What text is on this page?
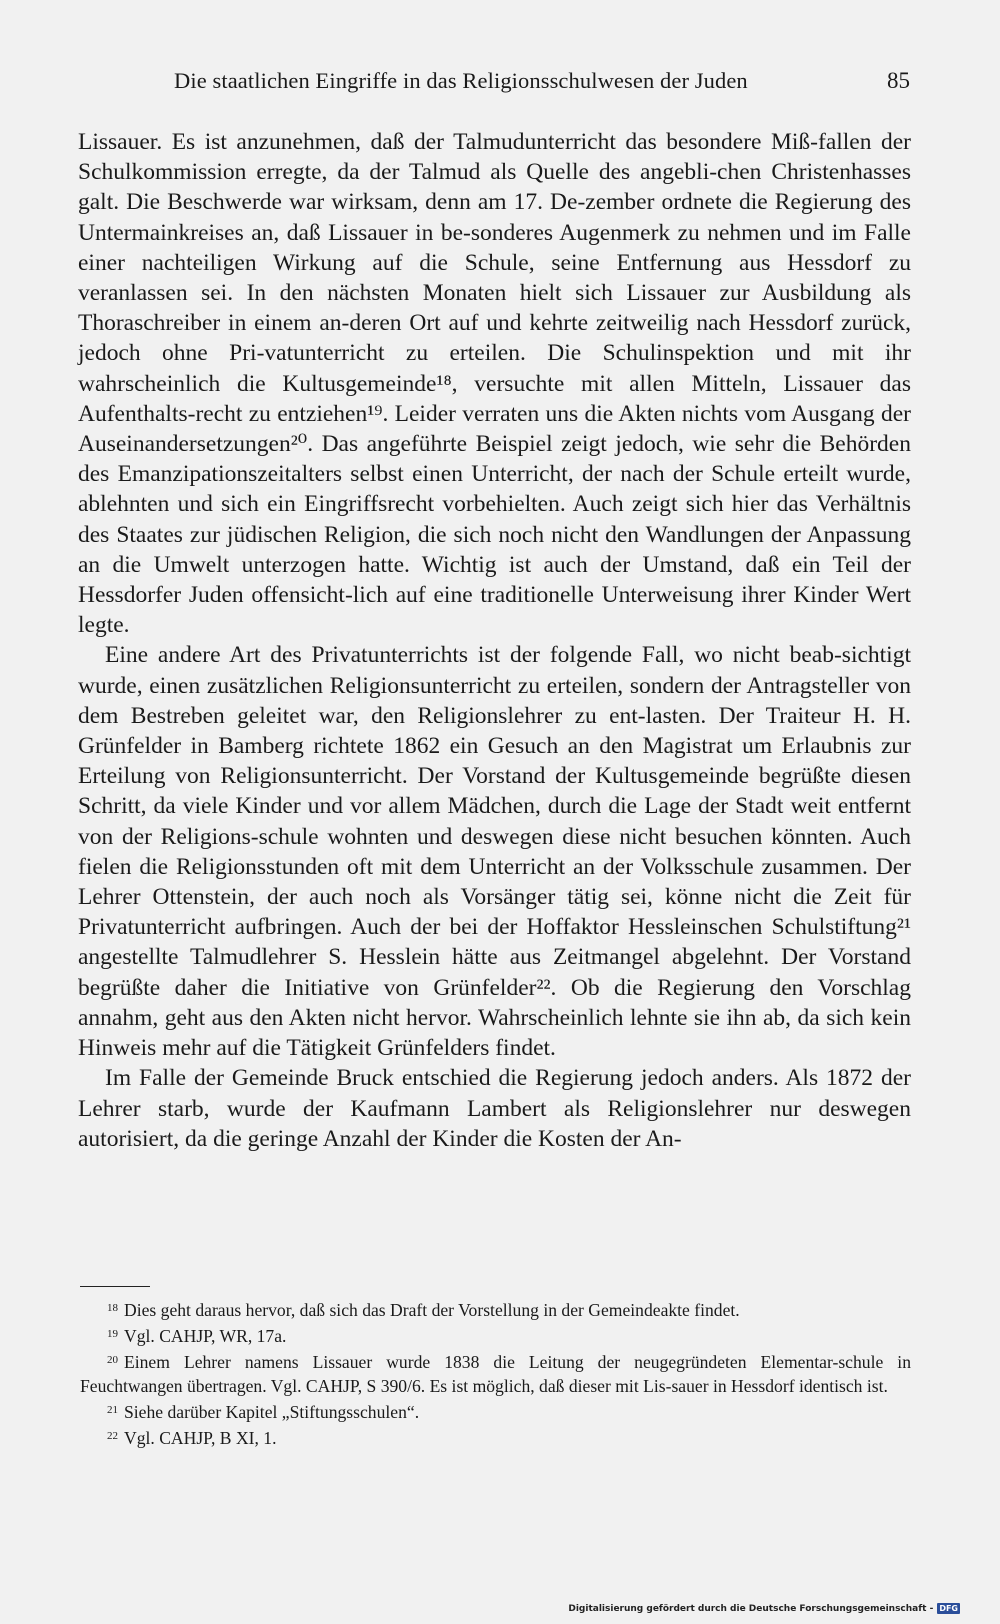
Die staatlichen Eingriffe in das Religionsschulwesen der Juden	85

Lissauer. Es ist anzunehmen, daß der Talmudunterricht das besondere Miß-fallen der Schulkommission erregte, da der Talmud als Quelle des angebli-chen Christenhasses galt. Die Beschwerde war wirksam, denn am 17. De-zember ordnete die Regierung des Untermainkreises an, daß Lissauer in be-sonderes Augenmerk zu nehmen und im Falle einer nachteiligen Wirkung auf die Schule, seine Entfernung aus Hessdorf zu veranlassen sei. In den nächsten Monaten hielt sich Lissauer zur Ausbildung als Thoraschreiber in einem an-deren Ort auf und kehrte zeitweilig nach Hessdorf zurück, jedoch ohne Pri-vatunterricht zu erteilen. Die Schulinspektion und mit ihr wahrscheinlich die Kultusgemeinde¹⁸, versuchte mit allen Mitteln, Lissauer das Aufenthalts-recht zu entziehen¹⁹. Leider verraten uns die Akten nichts vom Ausgang der Auseinandersetzungen²⁰. Das angeführte Beispiel zeigt jedoch, wie sehr die Behörden des Emanzipationszeitalters selbst einen Unterricht, der nach der Schule erteilt wurde, ablehnten und sich ein Eingriffsrecht vorbehielten. Auch zeigt sich hier das Verhältnis des Staates zur jüdischen Religion, die sich noch nicht den Wandlungen der Anpassung an die Umwelt unterzogen hatte. Wichtig ist auch der Umstand, daß ein Teil der Hessdorfer Juden offensicht-lich auf eine traditionelle Unterweisung ihrer Kinder Wert legte.

Eine andere Art des Privatunterrichts ist der folgende Fall, wo nicht beab-sichtigt wurde, einen zusätzlichen Religionsunterricht zu erteilen, sondern der Antragsteller von dem Bestreben geleitet war, den Religionslehrer zu ent-lasten. Der Traiteur H. H. Grünfelder in Bamberg richtete 1862 ein Gesuch an den Magistrat um Erlaubnis zur Erteilung von Religionsunterricht. Der Vorstand der Kultusgemeinde begrüßte diesen Schritt, da viele Kinder und vor allem Mädchen, durch die Lage der Stadt weit entfernt von der Religions-schule wohnten und deswegen diese nicht besuchen könnten. Auch fielen die Religionsstunden oft mit dem Unterricht an der Volksschule zusammen. Der Lehrer Ottenstein, der auch noch als Vorsänger tätig sei, könne nicht die Zeit für Privatunterricht aufbringen. Auch der bei der Hoffaktor Hessleinschen Schulstiftung²¹ angestellte Talmudlehrer S. Hesslein hätte aus Zeitmangel abgelehnt. Der Vorstand begrüßte daher die Initiative von Grünfelder²². Ob die Regierung den Vorschlag annahm, geht aus den Akten nicht hervor. Wahrscheinlich lehnte sie ihn ab, da sich kein Hinweis mehr auf die Tätigkeit Grünfelders findet.

Im Falle der Gemeinde Bruck entschied die Regierung jedoch anders. Als 1872 der Lehrer starb, wurde der Kaufmann Lambert als Religionslehrer nur deswegen autorisiert, da die geringe Anzahl der Kinder die Kosten der An-

$^{18}$ Dies geht daraus hervor, daß sich das Draft der Vorstellung in der Gemeindeakte findet.

$^{19}$ Vgl. CAHJP, WR, 17a.

$^{20}$ Einem Lehrer namens Lissauer wurde 1838 die Leitung der neugegründeten Elementar-schule in Feuchtwangen übertragen. Vgl. CAHJP, S 390/6. Es ist möglich, daß dieser mit Lis-sauer in Hessdorf identisch ist.

$^{21}$ Siehe darüber Kapitel „Stiftungsschulen“.

$^{22}$ Vgl. CAHJP, B XI, 1.

Digitalisierung gefördert durch die Deutsche Forschungsgemeinschaft - DFG
